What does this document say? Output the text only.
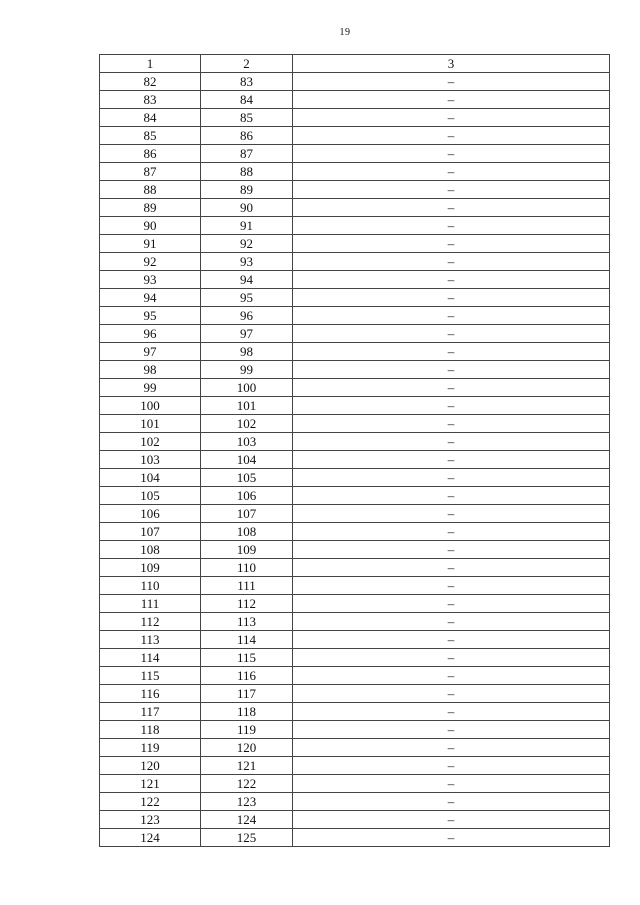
19
1	2	3
82	83	–
83	84	–
84	85	–
85	86	–
86	87	–
87	88	–
88	89	–
89	90	–
90	91	–
91	92	–
92	93	–
93	94	–
94	95	–
95	96	–
96	97	–
97	98	–
98	99	–
99	100	–
100	101	–
101	102	–
102	103	–
103	104	–
104	105	–
105	106	–
106	107	–
107	108	–
108	109	–
109	110	–
110	111	–
111	112	–
112	113	–
113	114	–
114	115	–
115	116	–
116	117	–
117	118	–
118	119	–
119	120	–
120	121	–
121	122	–
122	123	–
123	124	–
124	125	–
